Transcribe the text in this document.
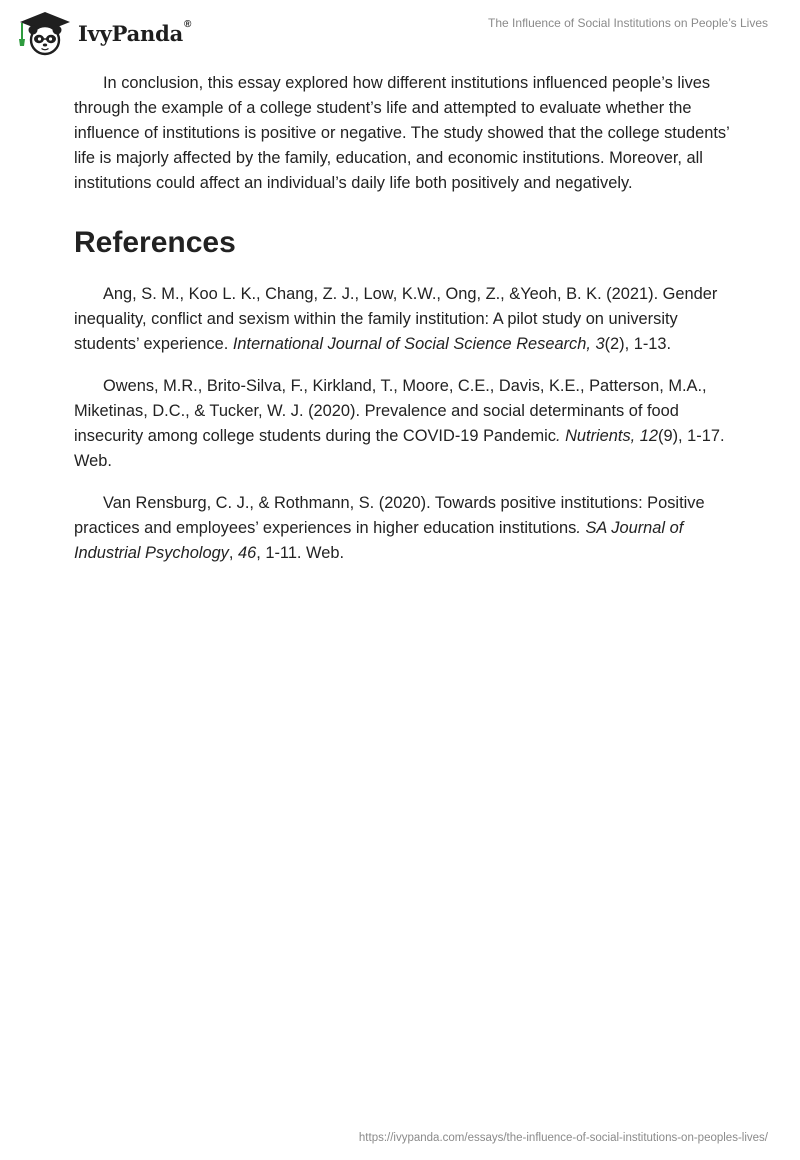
IvyPanda®	The Influence of Social Institutions on People’s Lives

In conclusion, this essay explored how different institutions influenced people’s lives through the example of a college student’s life and attempted to evaluate whether the influence of institutions is positive or negative. The study showed that the college students’ life is majorly affected by the family, education, and economic institutions. Moreover, all institutions could affect an individual’s daily life both positively and negatively.

References

Ang, S. M., Koo L. K., Chang, Z. J., Low, K.W., Ong, Z., &Yeoh, B. K. (2021). Gender inequality, conflict and sexism within the family institution: A pilot study on university students’ experience. International Journal of Social Science Research, 3(2), 1-13.

Owens, M.R., Brito-Silva, F., Kirkland, T., Moore, C.E., Davis, K.E., Patterson, M.A., Miketinas, D.C., & Tucker, W. J. (2020). Prevalence and social determinants of food insecurity among college students during the COVID-19 Pandemic. Nutrients, 12(9), 1-17. Web.

Van Rensburg, C. J., & Rothmann, S. (2020). Towards positive institutions: Positive practices and employees’ experiences in higher education institutions. SA Journal of Industrial Psychology, 46, 1-11. Web.

https://ivypanda.com/essays/the-influence-of-social-institutions-on-peoples-lives/
